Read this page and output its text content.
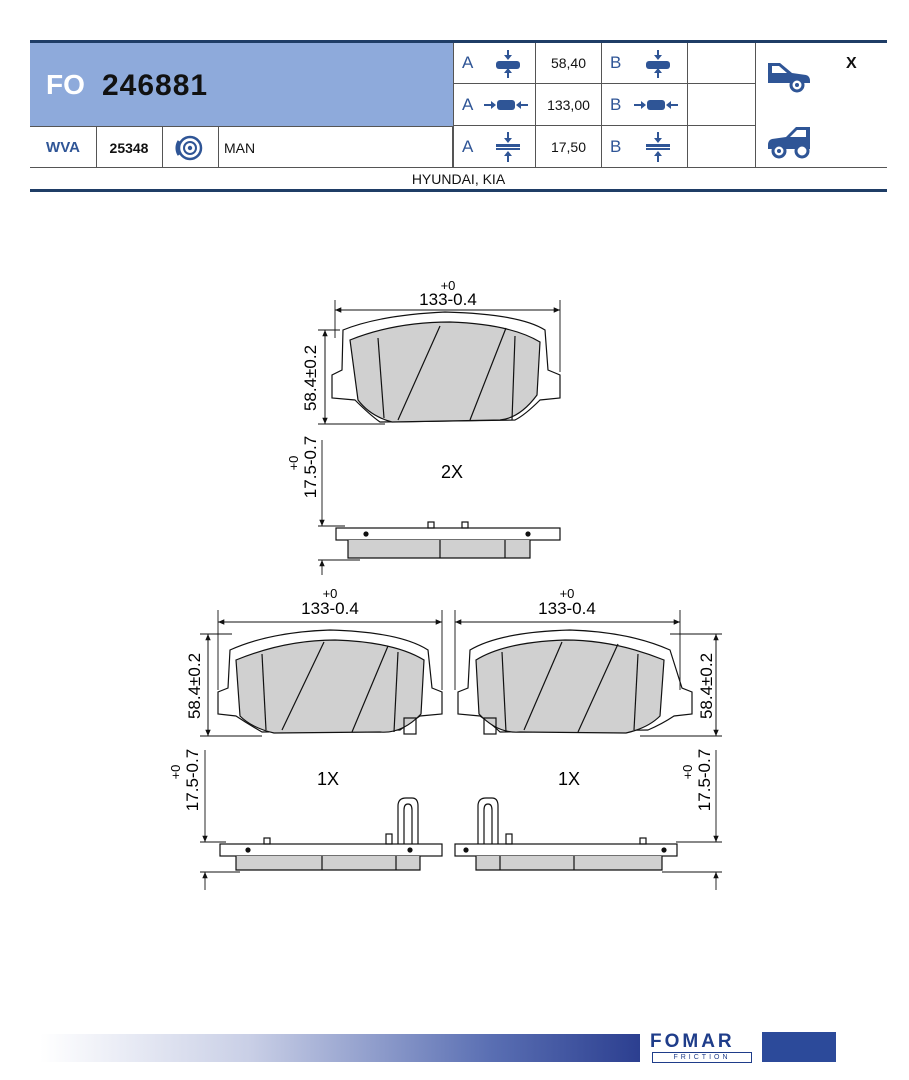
FO 246881
WVA	25348	MAN
A	58,40	B
A	133,00	B
A	17,50	B
X
HYUNDAI, KIA
+0
133-0.4
58.4±0.2
+0 17.5-0.7	2X
+0
133-0.4
58.4±0.2
+0 17.5-0.7	1X
+0
133-0.4
58.4±0.2
+0 17.5-0.7
1X
FOMAR
FRICTION
